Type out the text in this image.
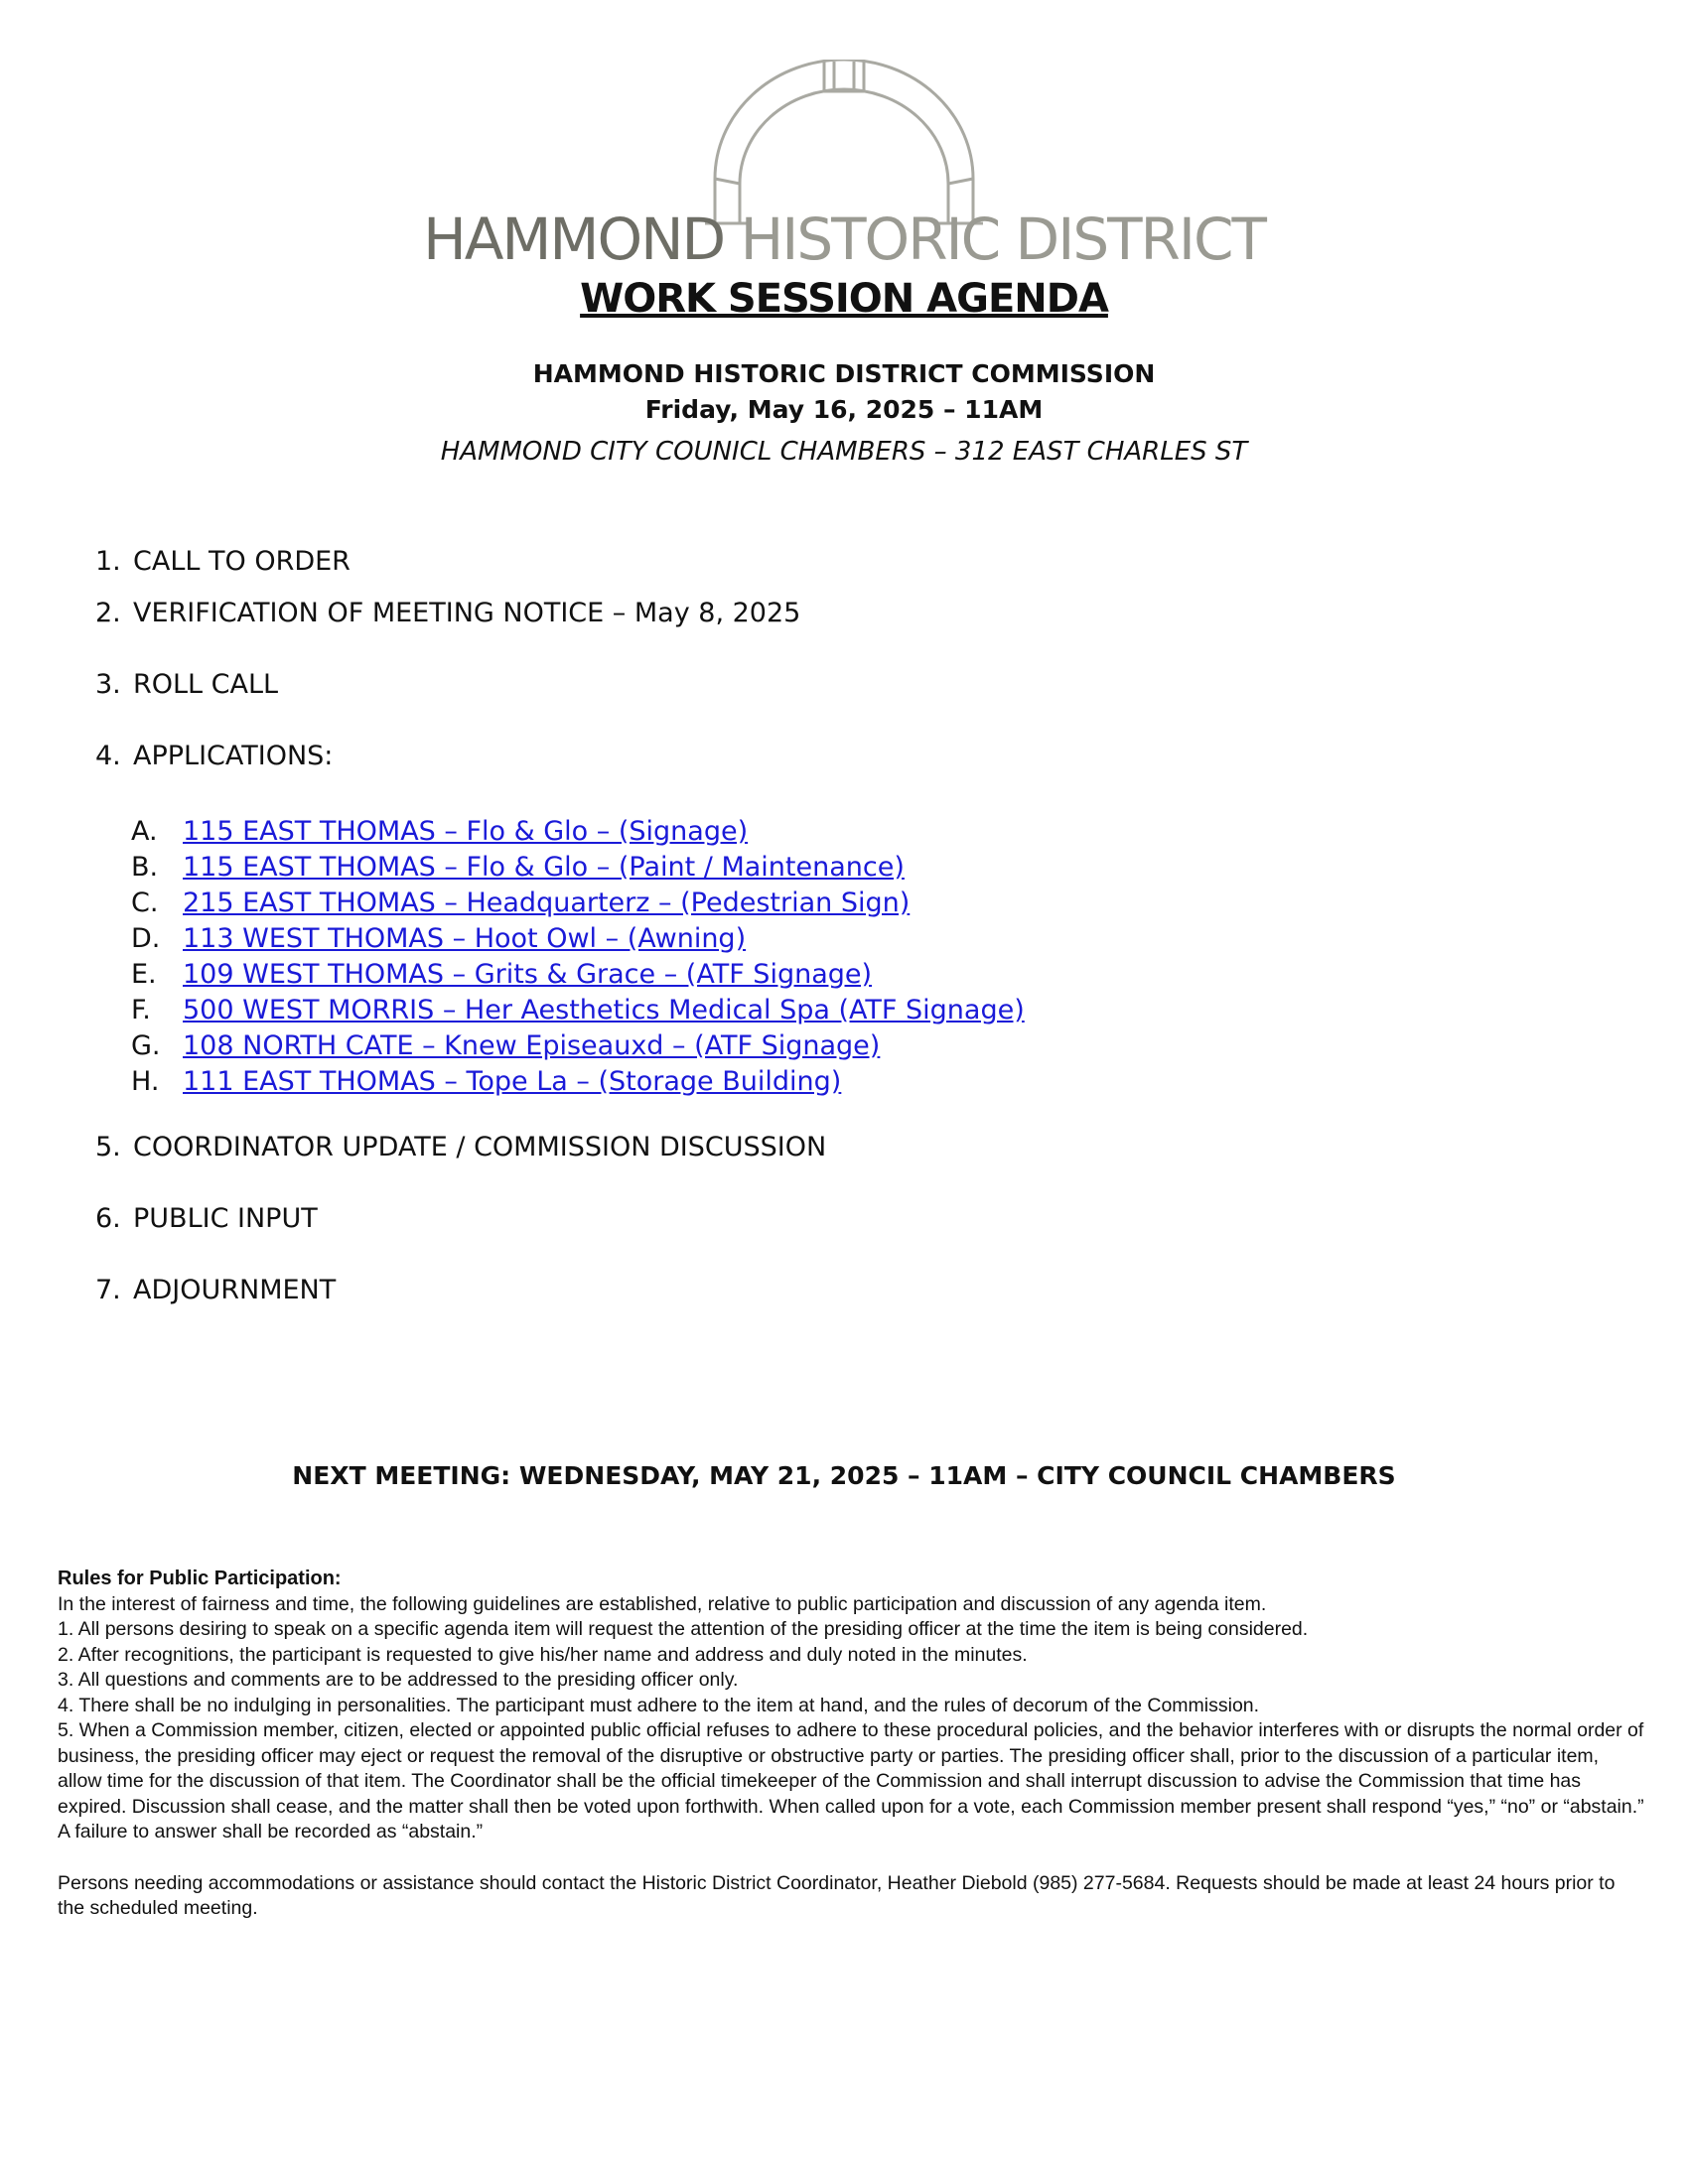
HAMMOND HISTORIC DISTRICT
WORK SESSION AGENDA
HAMMOND HISTORIC DISTRICT COMMISSION
Friday, May 16, 2025 – 11AM
HAMMOND CITY COUNICL CHAMBERS – 312 EAST CHARLES ST
1. CALL TO ORDER
2. VERIFICATION OF MEETING NOTICE – May 8, 2025
3. ROLL CALL
4. APPLICATIONS:
A. 115 EAST THOMAS – Flo & Glo – (Signage)
B. 115 EAST THOMAS – Flo & Glo – (Paint / Maintenance)
C. 215 EAST THOMAS – Headquarterz – (Pedestrian Sign)
D. 113 WEST THOMAS – Hoot Owl – (Awning)
E. 109 WEST THOMAS – Grits & Grace – (ATF Signage)
F. 500 WEST MORRIS – Her Aesthetics Medical Spa (ATF Signage)
G. 108 NORTH CATE – Knew Episeauxd – (ATF Signage)
H. 111 EAST THOMAS – Tope La – (Storage Building)
5. COORDINATOR UPDATE / COMMISSION DISCUSSION
6. PUBLIC INPUT
7. ADJOURNMENT
NEXT MEETING: WEDNESDAY, MAY 21, 2025 – 11AM – CITY COUNCIL CHAMBERS

Rules for Public Participation:

In the interest of fairness and time, the following guidelines are established, relative to public participation and discussion of any agenda item.

1. All persons desiring to speak on a specific agenda item will request the attention of the presiding officer at the time the item is being considered.

2. After recognitions, the participant is requested to give his/her name and address and duly noted in the minutes.

3. All questions and comments are to be addressed to the presiding officer only.

4. There shall be no indulging in personalities. The participant must adhere to the item at hand, and the rules of decorum of the Commission.

5. When a Commission member, citizen, elected or appointed public official refuses to adhere to these procedural policies, and the behavior interferes with or disrupts the normal order of business, the presiding officer may eject or request the removal of the disruptive or obstructive party or parties. The presiding officer shall, prior to the discussion of a particular item, allow time for the discussion of that item. The Coordinator shall be the official timekeeper of the Commission and shall interrupt discussion to advise the Commission that time has expired. Discussion shall cease, and the matter shall then be voted upon forthwith. When called upon for a vote, each Commission member present shall respond “yes,” “no” or “abstain.” A failure to answer shall be recorded as “abstain.”

Persons needing accommodations or assistance should contact the Historic District Coordinator, Heather Diebold (985) 277-5684. Requests should be made at least 24 hours prior to the scheduled meeting.
